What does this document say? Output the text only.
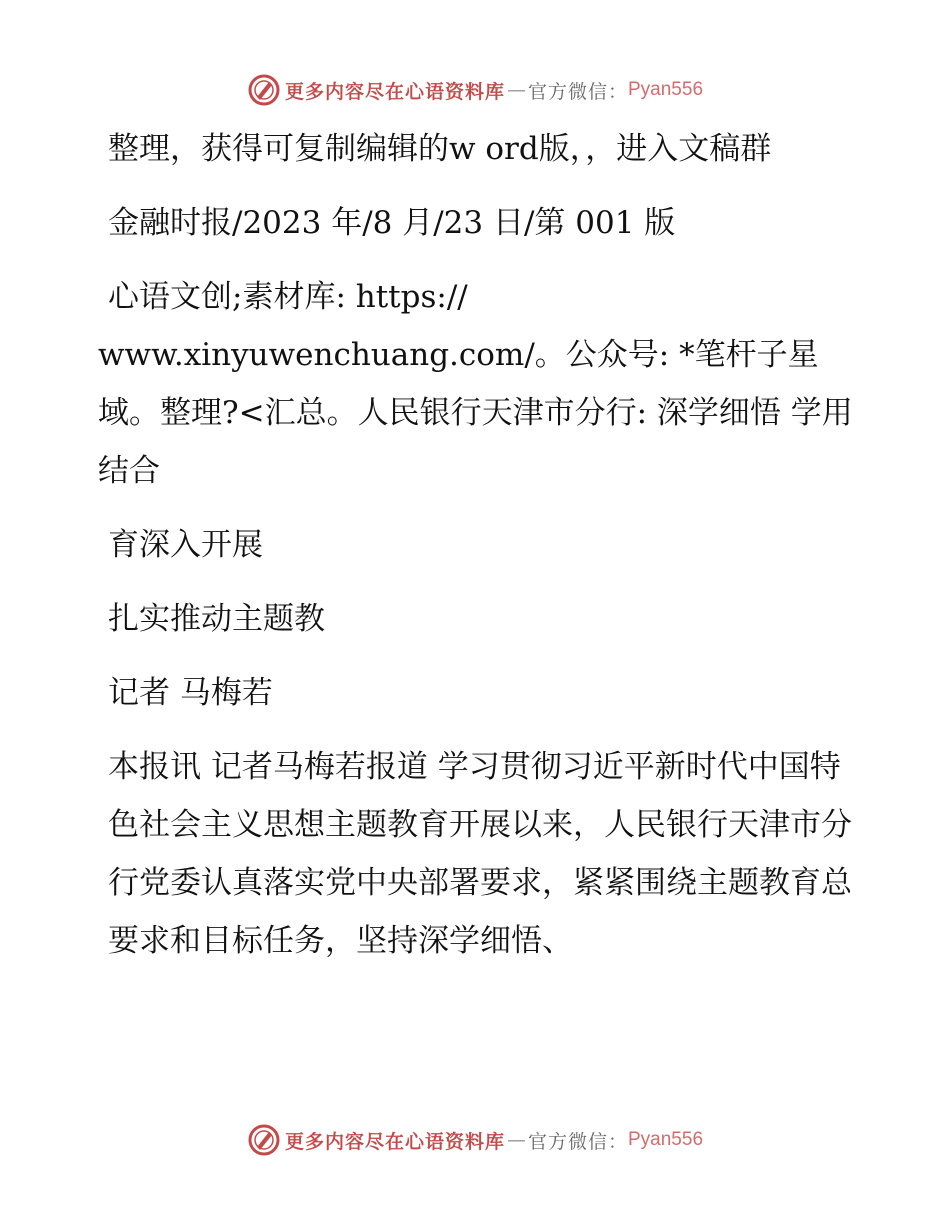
更多内容尽在心语资料库 — 官方微信： Pyan556

整理，获得可复制编辑的w ord版，，进入文稿群

金融时报/2023 年/8 月/23 日/第 001 版

心语文创;素材库: https://

www.xinyuwenchuang.com/。公众号: *笔杆子星域。整理?<汇总。人民银行天津市分行: 深学细悟 学用结合

育深入开展

扎实推动主题教

记者 马梅若

本报讯 记者马梅若报道 学习贯彻习近平新时代中国特色社会主义思想主题教育开展以来，人民银行天津市分行党委认真落实党中央部署要求，紧紧围绕主题教育总要求和目标任务，坚持深学细悟、

更多内容尽在心语资料库 — 官方微信： Pyan556
